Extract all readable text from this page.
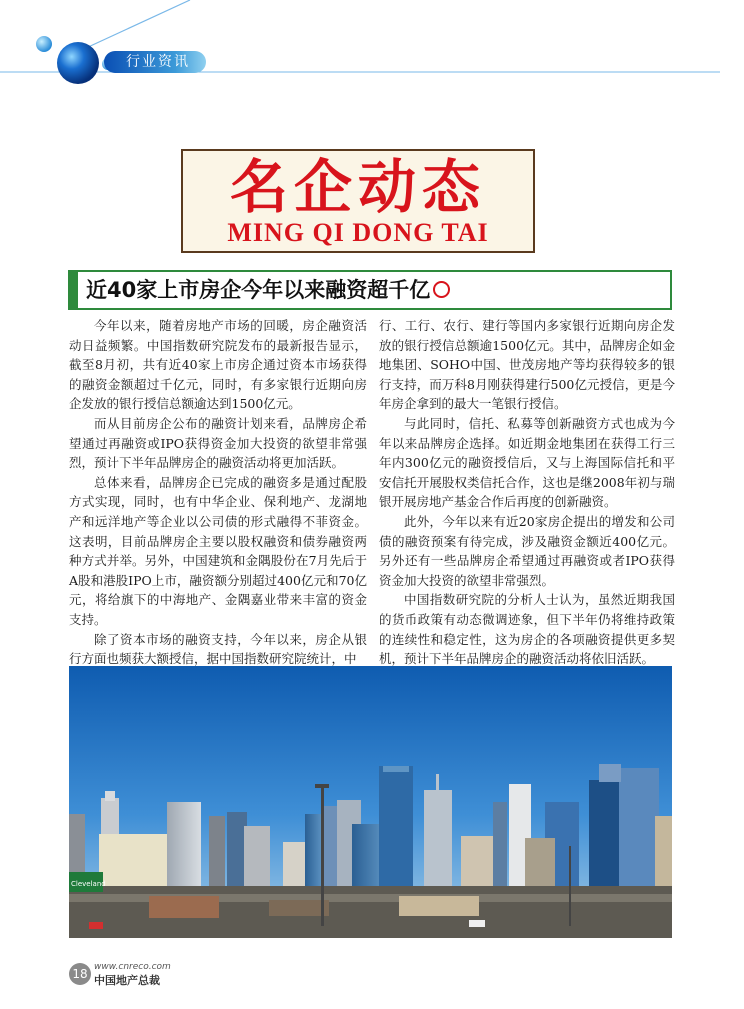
行业资讯
名企动态
MING QI DONG TAI
近40家上市房企今年以来融资超千亿

今年以来，随着房地产市场的回暖，房企融资活动日益频繁。中国指数研究院发布的最新报告显示，截至8月初，共有近40家上市房企通过资本市场获得的融资金额超过千亿元，同时，有多家银行近期向房企发放的银行授信总额逾达到1500亿元。

而从目前房企公布的融资计划来看，品牌房企希望通过再融资或IPO获得资金加大投资的欲望非常强烈，预计下半年品牌房企的融资活动将更加活跃。

总体来看，品牌房企已完成的融资多是通过配股方式实现，同时，也有中华企业、保利地产、龙湖地产和远洋地产等企业以公司债的形式融得不菲资金。这表明，目前品牌房企主要以股权融资和债券融资两种方式并举。另外，中国建筑和金隅股份在7月先后于A股和港股IPO上市，融资额分别超过400亿元和70亿元，将给旗下的中海地产、金隅嘉业带来丰富的资金支持。

除了资本市场的融资支持，今年以来，房企从银行方面也频获大额授信，据中国指数研究院统计，中

行、工行、农行、建行等国内多家银行近期向房企发放的银行授信总额逾1500亿元。其中，品牌房企如金地集团、SOHO中国、世茂房地产等均获得较多的银行支持，而万科8月刚获得建行500亿元授信，更是今年房企拿到的最大一笔银行授信。

与此同时，信托、私募等创新融资方式也成为今年以来品牌房企选择。如近期金地集团在获得工行三年内300亿元的融资授信后，又与上海国际信托和平安信托开展股权类信托合作，这也是继2008年初与瑞银开展房地产基金合作后再度的创新融资。

此外，今年以来有近20家房企提出的增发和公司债的融资预案有待完成，涉及融资金额近400亿元。另外还有一些品牌房企希望通过再融资或者IPO获得资金加大投资的欲望非常强烈。

中国指数研究院的分析人士认为，虽然近期我国的货币政策有动态微调迹象，但下半年仍将维持政策的连续性和稳定性，这为房企的各项融资提供更多契机，预计下半年品牌房企的融资活动将依旧活跃。

Cleveland
18 www.cnreco.com
中国地产总裁
